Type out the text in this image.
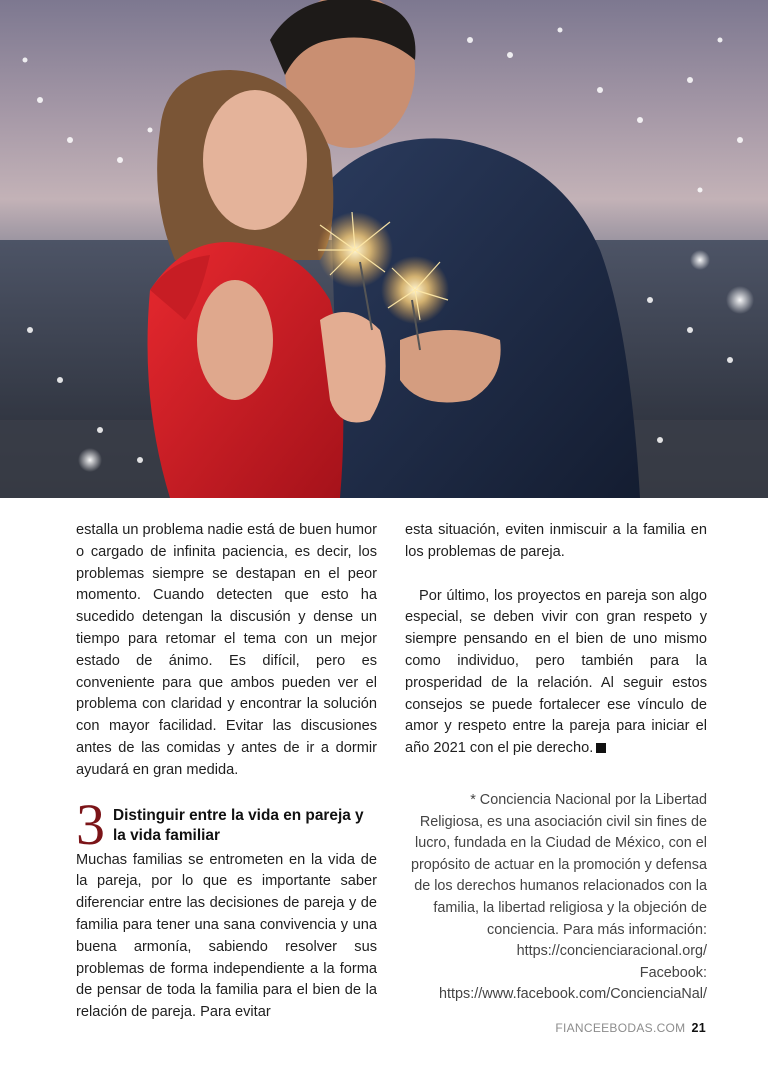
estalla un problema nadie está de buen humor o cargado de infinita paciencia, es decir, los problemas siempre se destapan en el peor momento. Cuando detecten que esto ha sucedido detengan la discusión y dense un tiempo para retomar el tema con un mejor estado de ánimo. Es difícil, pero es conveniente para que ambos pueden ver el problema con claridad y encontrar la solución con mayor facilidad. Evitar las discusiones antes de las comidas y antes de ir a dormir ayudará en gran medida.

3 Distinguir entre la vida en pareja y la vida familiar

Muchas familias se entrometen en la vida de la pareja, por lo que es importante saber diferenciar entre las decisiones de pareja y de familia para tener una sana convivencia y una buena armonía, sabiendo resolver sus problemas de forma independiente a la forma de pensar de toda la familia para el bien de la relación de pareja. Para evitar

esta situación, eviten inmiscuir a la familia en los problemas de pareja.

Por último, los proyectos en pareja son algo especial, se deben vivir con gran respeto y siempre pensando en el bien de uno mismo como individuo, pero también para la prosperidad de la relación. Al seguir estos consejos se puede fortalecer ese vínculo de amor y respeto entre la pareja para iniciar el año 2021 con el pie derecho.

* Conciencia Nacional por la Libertad Religiosa, es una asociación civil sin fines de lucro, fundada en la Ciudad de México, con el propósito de actuar en la promoción y defensa de los derechos humanos relacionados con la familia, la libertad religiosa y la objeción de conciencia. Para más información:

https://concienciaracional.org/

Facebook:

https://www.facebook.com/ConcienciaNal/

FIANCEEBODAS.COM 21
